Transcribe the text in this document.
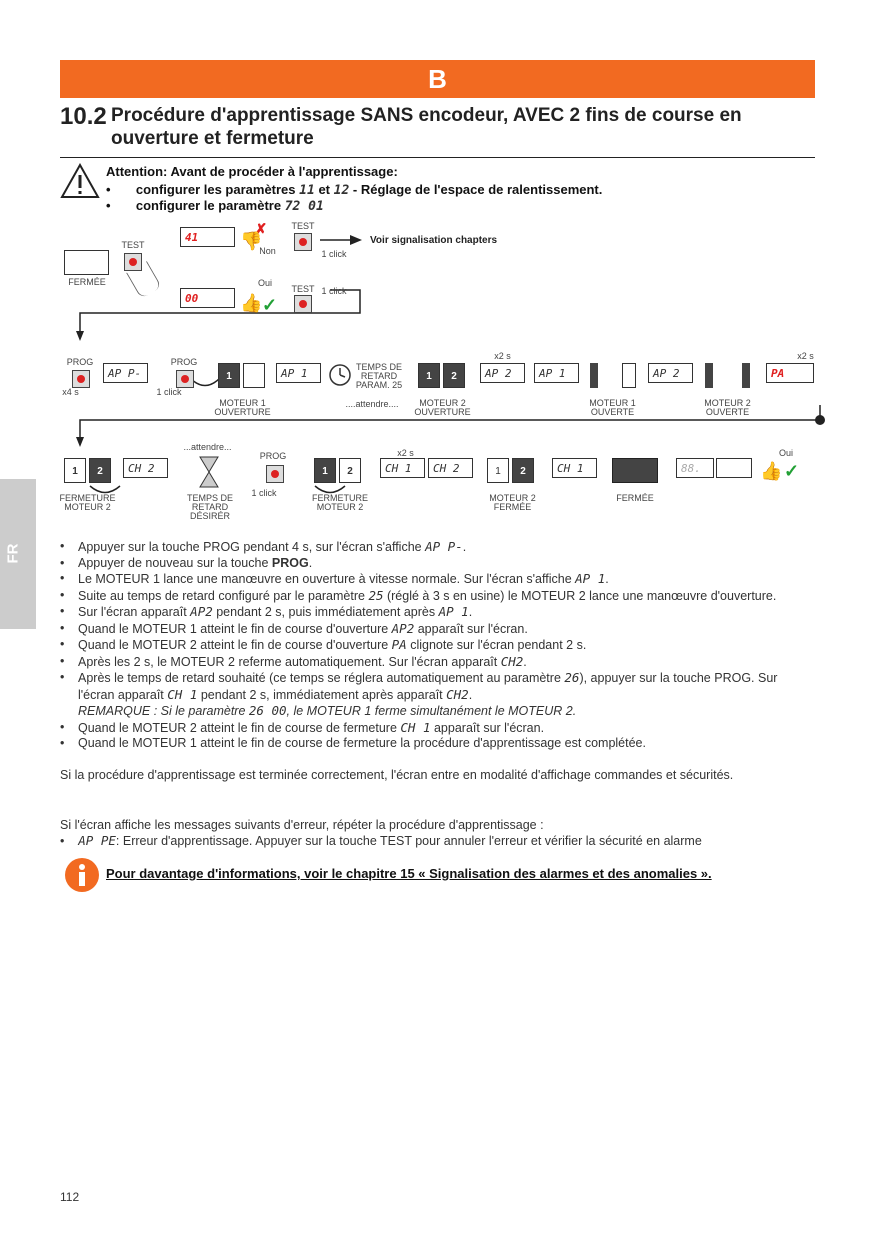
B
10.2 Procédure d'apprentissage SANS encodeur, AVEC 2 fins de course en ouverture et fermeture
Attention: Avant de procéder à l'apprentissage:
•       configurer les paramètres 11 et 12 - Réglage de l'espace de ralentissement.
•       configurer le paramètre 72 01
FERMÉE
TEST
41	✗
👎
Non
TEST
1 click
Voir signalisation chapters
00	👍 ✓
Oui
TEST 1 click
PROG
x4 s
AP P-
PROG
1 click
1
MOTEUR 1
OUVERTURE
AP 1	TEMPS DE
RETARD
PARAM. 25
....attendre....
1	2
MOTEUR 2
OUVERTURE
x2 s
AP 2	AP 1
MOTEUR 1
OUVERTE
AP 2
MOTEUR 2
OUVERTE
x2 s
PA
1	2
FERMETURE
MOTEUR 2
CH 2
...attendre...
TEMPS DE
RETARD
DÉSIRÉR
PROG
1 click
1	2
FERMETURE
MOTEUR 2
x2 s
CH 1	CH 2	1	2
MOTEUR 2
FERMÉE
CH 1
FERMÉE
88.	👍 ✓
Oui
FR	• Appuyer sur la touche PROG pendant 4 s, sur l'écran s'affiche AP P-.
• Appuyer de nouveau sur la touche PROG.
• Le MOTEUR 1 lance une manœuvre en ouverture à vitesse normale. Sur l'écran s'affiche AP 1.
• Suite au temps de retard configuré par le paramètre 25 (réglé à 3 s en usine) le MOTEUR 2 lance une manœuvre d'ouverture.
• Sur l'écran apparaît AP2 pendant 2 s, puis immédiatement après AP 1.
• Quand le MOTEUR 1 atteint le fin de course d'ouverture AP2 apparaît sur l'écran.
• Quand le MOTEUR 2 atteint le fin de course d'ouverture PA clignote sur l'écran pendant 2 s.
• Après les 2 s, le MOTEUR 2 referme automatiquement. Sur l'écran apparaît CH2.
• Après le temps de retard souhaité (ce temps se réglera automatiquement au paramètre 26), appuyer sur la touche PROG. Sur l'écran apparaît CH 1 pendant 2 s, immédiatement après apparaît CH2.
REMARQUE : Si le paramètre 26 00, le MOTEUR 1 ferme simultanément le MOTEUR 2.
• Quand le MOTEUR 2 atteint le fin de course de fermeture CH 1 apparaît sur l'écran.
• Quand le MOTEUR 1 atteint le fin de course de fermeture la procédure d'apprentissage est complétée.
Si la procédure d'apprentissage est terminée correctement, l'écran entre en modalité d'affichage commandes et sécurités.
Si l'écran affiche les messages suivants d'erreur, répéter la procédure d'apprentissage :
•    AP PE: Erreur d'apprentissage. Appuyer sur la touche TEST pour annuler l'erreur et vérifier la sécurité en alarme
Pour davantage d'informations, voir le chapitre 15 « Signalisation des alarmes et des anomalies ».
112
